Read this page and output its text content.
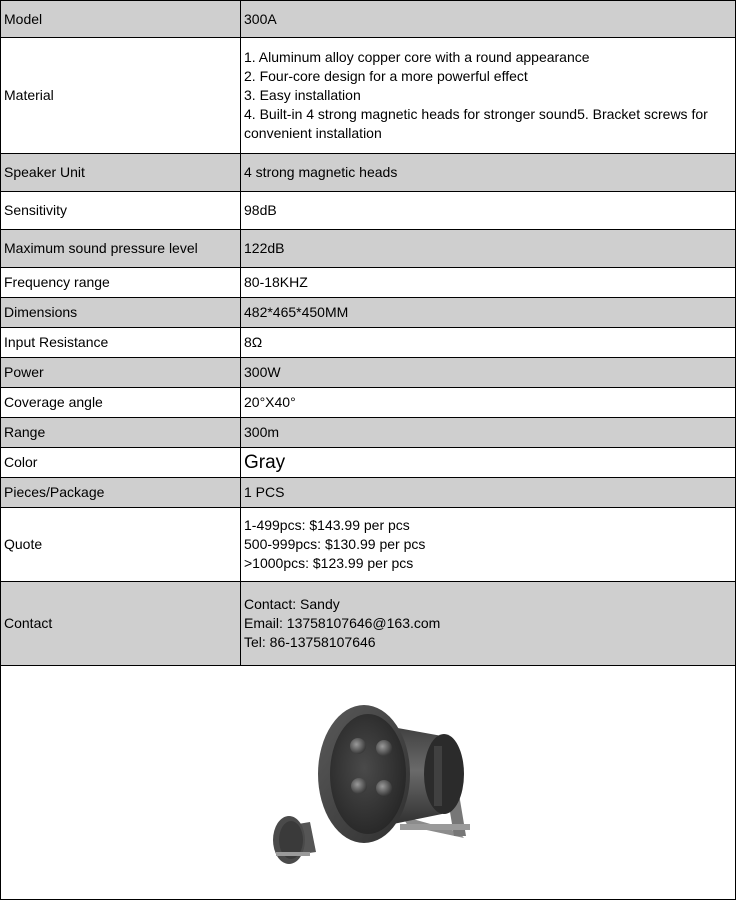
Model	300A
Material	1. Aluminum alloy copper core with a round appearance
2. Four-core design for a more powerful effect
3. Easy installation
4. Built-in 4 strong magnetic heads for stronger sound5. Bracket screws for convenient installation

Speaker Unit	4 strong magnetic heads
Sensitivity	98dB
Maximum sound pressure level	122dB
Frequency range	80-18KHZ
Dimensions	482*465*450MM
Input Resistance	8Ω
Power	300W
Coverage angle	20°X40°
Range	300m
Color	Gray
Pieces/Package	1 PCS
Quote	1-499pcs: $143.99 per pcs
500-999pcs: $130.99 per pcs
>1000pcs: $123.99 per pcs

Contact	Contact: Sandy
Email: 13758107646@163.com
Tel: 86-13758107646
